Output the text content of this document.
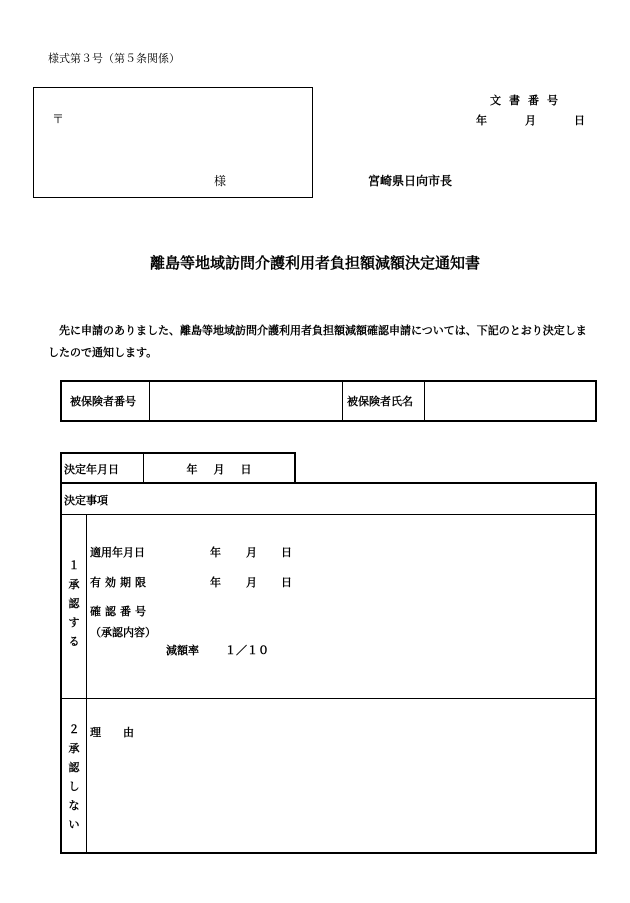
様式第３号（第５条関係）
〒
様
文書番号
年	月	日
宮崎県日向市長
離島等地域訪問介護利用者負担額減額決定通知書
先に申請のありました、離島等地域訪問介護利用者負担額減額確認申請については、下記のとおり決定しましたので通知します。
被保険者番号	被保険者氏名
決定年月日	年 月 日
決定事項
１
承
認
す
る
適用年月日	年 月 日
有効期限	年 月 日
確認番号
（承認内容）
減額率 １／１０
２
承
認
し
な
い
理　　由
